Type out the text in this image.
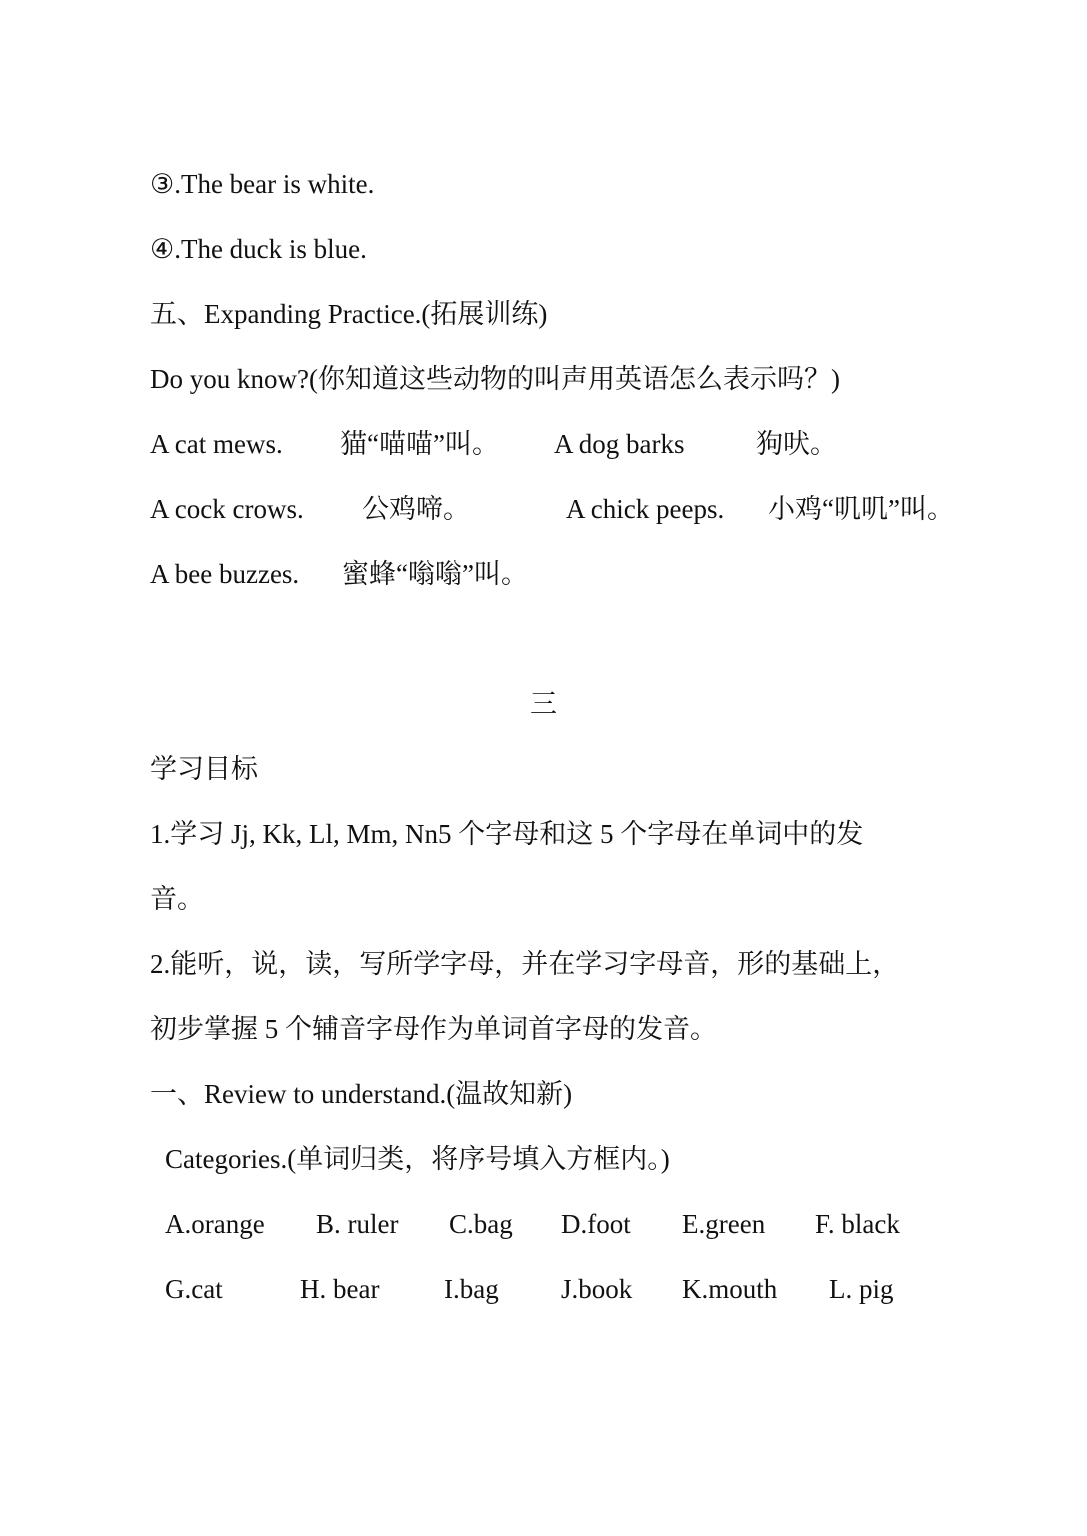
③.The bear is white.
④.The duck is blue.
五、Expanding Practice.(拓展训练)
Do you know?(你知道这些动物的叫声用英语怎么表示吗？)
A cat mews. 猫“喵喵”叫。 A dog barks	狗吠。
A cock crows. 公鸡啼。	A chick peeps. 小鸡“叽叽”叫。
A bee buzzes. 蜜蜂“嗡嗡”叫。
三
学习目标
1.学习 Jj, Kk, Ll, Mm, Nn5 个字母和这 5 个字母在单词中的发
音。
2.能听，说，读，写所学字母，并在学习字母音，形的基础上，
初步掌握 5 个辅音字母作为单词首字母的发音。
一、Review to understand.(温故知新)
Categories.(单词归类，将序号填入方框内。)
A.orange B. ruler C.bag D.foot E.green F. black
G.cat	H. bear I.bag J.book K.mouth L. pig
